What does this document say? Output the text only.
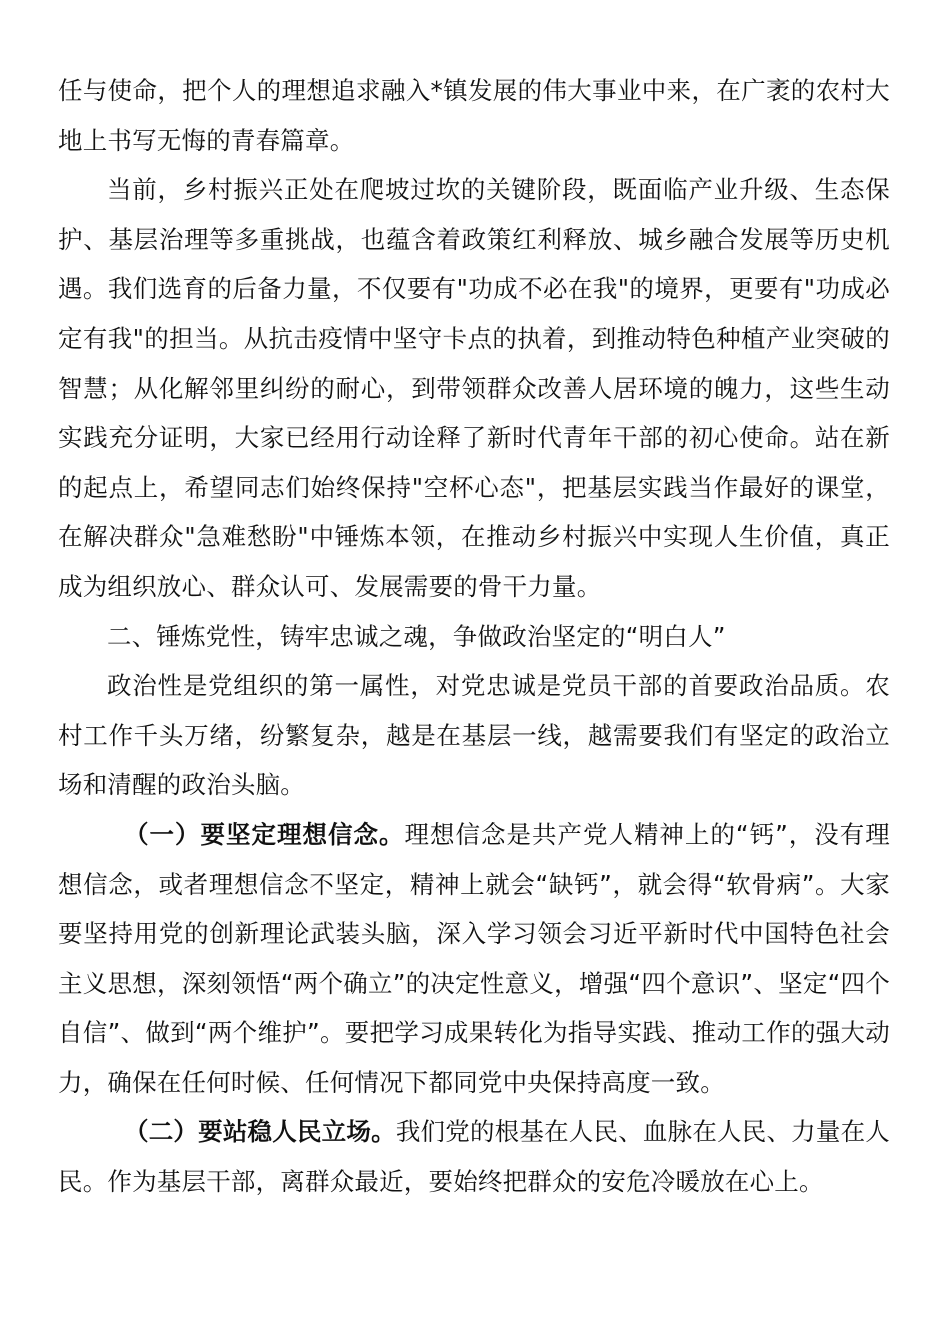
任与使命，把个人的理想追求融入*镇发展的伟大事业中来，在广袤的农村大地上书写无悔的青春篇章。

当前，乡村振兴正处在爬坡过坎的关键阶段，既面临产业升级、生态保护、基层治理等多重挑战，也蕴含着政策红利释放、城乡融合发展等历史机遇。我们选育的后备力量，不仅要有"功成不必在我"的境界，更要有"功成必定有我"的担当。从抗击疫情中坚守卡点的执着，到推动特色种植产业突破的智慧；从化解邻里纠纷的耐心，到带领群众改善人居环境的魄力，这些生动实践充分证明，大家已经用行动诠释了新时代青年干部的初心使命。站在新的起点上，希望同志们始终保持"空杯心态"，把基层实践当作最好的课堂，在解决群众"急难愁盼"中锤炼本领，在推动乡村振兴中实现人生价值，真正成为组织放心、群众认可、发展需要的骨干力量。

二、锤炼党性，铸牢忠诚之魂，争做政治坚定的“明白人”

政治性是党组织的第一属性，对党忠诚是党员干部的首要政治品质。农村工作千头万绪，纷繁复杂，越是在基层一线，越需要我们有坚定的政治立场和清醒的政治头脑。

（一）要坚定理想信念。理想信念是共产党人精神上的“钙”，没有理想信念，或者理想信念不坚定，精神上就会“缺钙”，就会得“软骨病”。大家要坚持用党的创新理论武装头脑，深入学习领会习近平新时代中国特色社会主义思想，深刻领悟“两个确立”的决定性意义，增强“四个意识”、坚定“四个自信”、做到“两个维护”。要把学习成果转化为指导实践、推动工作的强大动力，确保在任何时候、任何情况下都同党中央保持高度一致。

（二）要站稳人民立场。我们党的根基在人民、血脉在人民、力量在人民。作为基层干部，离群众最近，要始终把群众的安危冷暖放在心上。
